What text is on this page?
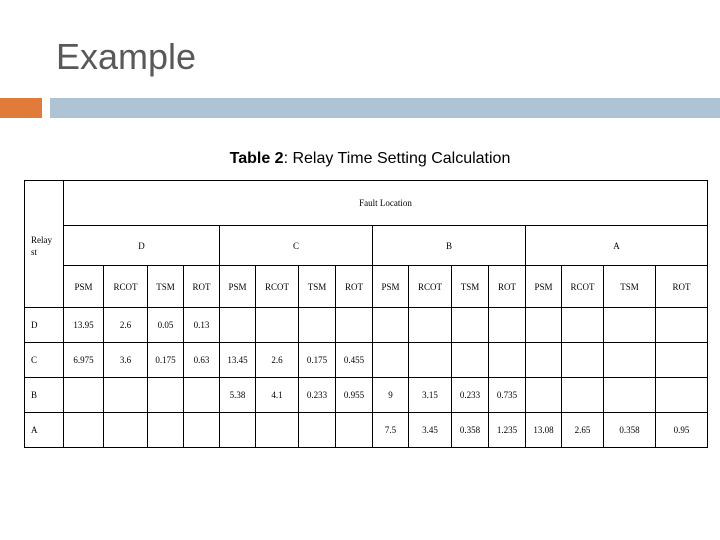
Example
Table 2: Relay Time Setting Calculation
	Fault Location															
Relay
st	D				C				B				A			
	PSM	RCOT	TSM	ROT	PSM	RCOT	TSM	ROT	PSM	RCOT	TSM	ROT	PSM	RCOT	TSM	ROT
D	13.95	2.6	0.05	0.13												
C	6.975	3.6	0.175	0.63	13.45	2.6	0.175	0.455								
B					5.38	4.1	0.233	0.955	9	3.15	0.233	0.735				
A									7.5	3.45	0.358	1.235	13.08	2.65	0.358	0.95
